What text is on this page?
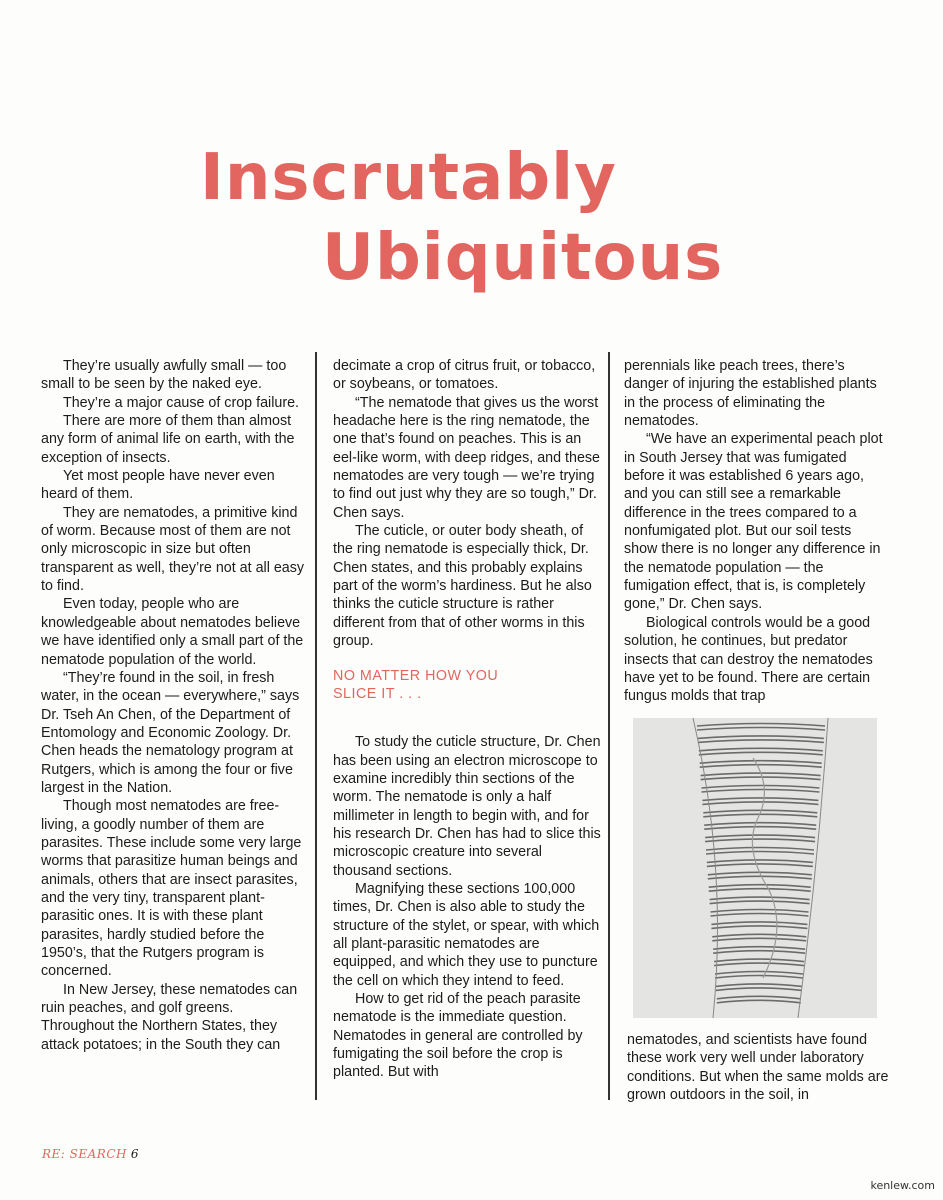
Inscrutably
Ubiquitous

They’re usually awfully small — too small to be seen by the naked eye.

They’re a major cause of crop failure.

There are more of them than almost any form of animal life on earth, with the exception of insects.

Yet most people have never even heard of them.

They are nematodes, a primitive kind of worm. Because most of them are not only microscopic in size but often transparent as well, they’re not at all easy to find.

Even today, people who are knowledgeable about nematodes believe we have identified only a small part of the nematode population of the world.

“They’re found in the soil, in fresh water, in the ocean — everywhere,” says Dr. Tseh An Chen, of the Department of Entomology and Economic Zoology. Dr. Chen heads the nematology program at Rutgers, which is among the four or five largest in the Nation.

Though most nematodes are free-living, a goodly number of them are parasites. These include some very large worms that parasitize human beings and animals, others that are insect parasites, and the very tiny, transparent plant-parasitic ones. It is with these plant parasites, hardly studied before the 1950’s, that the Rutgers program is concerned.

In New Jersey, these nematodes can ruin peaches, and golf greens. Throughout the Northern States, they attack potatoes; in the South they can

decimate a crop of citrus fruit, or tobacco, or soybeans, or tomatoes.

“The nematode that gives us the worst headache here is the ring nematode, the one that’s found on peaches. This is an eel-like worm, with deep ridges, and these nematodes are very tough — we’re trying to find out just why they are so tough,” Dr. Chen says.

The cuticle, or outer body sheath, of the ring nematode is especially thick, Dr. Chen states, and this probably explains part of the worm’s hardiness. But he also thinks the cuticle structure is rather different from that of other worms in this group.

NO MATTER HOW YOU
SLICE IT . . .

To study the cuticle structure, Dr. Chen has been using an electron microscope to examine incredibly thin sections of the worm. The nematode is only a half millimeter in length to begin with, and for his research Dr. Chen has had to slice this microscopic creature into several thousand sections.

Magnifying these sections 100,000 times, Dr. Chen is also able to study the structure of the stylet, or spear, with which all plant-parasitic nematodes are equipped, and which they use to puncture the cell on which they intend to feed.

How to get rid of the peach parasite nematode is the immediate question. Nematodes in general are controlled by fumigating the soil before the crop is planted. But with

perennials like peach trees, there’s danger of injuring the established plants in the process of eliminating the nematodes.

“We have an experimental peach plot in South Jersey that was fumigated before it was established 6 years ago, and you can still see a remarkable difference in the trees compared to a nonfumigated plot. But our soil tests show there is no longer any difference in the nematode population — the fumigation effect, that is, is completely gone,” Dr. Chen says.

Biological controls would be a good solution, he continues, but predator insects that can destroy the nematodes have yet to be found. There are certain fungus molds that trap

nematodes, and scientists have found these work very well under laboratory conditions. But when the same molds are grown outdoors in the soil, in

RE: SEARCH 6
kenlew.com
